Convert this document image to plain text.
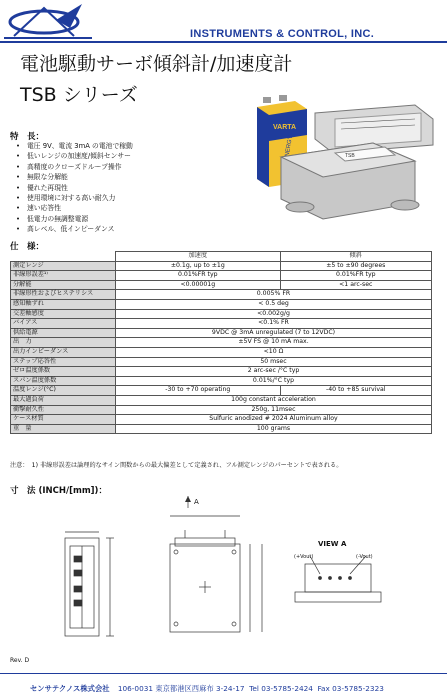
INSTRUMENTS & CONTROL, INC.
電池駆動サーボ傾斜計/加速度計
TSB シリーズ
特　長：
• 電圧 9V、電流 3mA の電池で稼動
• 低いレンジの加速度/傾斜センサー
• 高精度のクローズドループ操作
• 無限な分解能
• 優れた再現性
• 使用環境に対する高い耐久力
• 速い応答性
• 低電力の無調整電源
• 高レベル、低インピーダンス
VARTA
TSB
仕　様：
	加速度	傾斜
測定レンジ	±0.1g, up to ±1g	±5 to ±90 degrees
非線形誤差¹⁾	0.01%FR typ	0.01%FR typ
分解能	<0.00001g	<1 arc-sec
非線形性およびヒステリシス	0.005% FR	
感知軸ずれ	< 0.5 deg	
交差軸感度	<0.002g/g	
バイアス	<0.1% FR	
供給電源	9VDC @ 3mA unregulated (7 to 12VDC)	
出　力	±5V FS @ 10 mA max.	
出力インピーダンス	<10 Ω	
ステップ応答性	50 msec	
ゼロ温度係数	2 arc-sec /°C typ	
スパン温度係数	0.01%/°C typ	
温度レンジ(°C)	-30 to +70 operating	-40 to +85 survival
最大過負荷	100g constant acceleration	
衝撃耐久性	250g, 11msec	
ケース材質	Sulfuric anodized # 2024 Aluminum alloy	
重　量	100 grams	
注意：　1) 非線形誤差は論理的なサイン関数からの最大偏差として定義され、フル測定レンジのパーセントで表される。
寸　法 (INCH/[mm])：
A
VIEW A
(+Vout)	(-Vout)
Rev. D
センサテクノス株式会社 106-0031 東京都港区西麻布 3-24-17 Tel 03-5785-2424 Fax 03-5785-2323
